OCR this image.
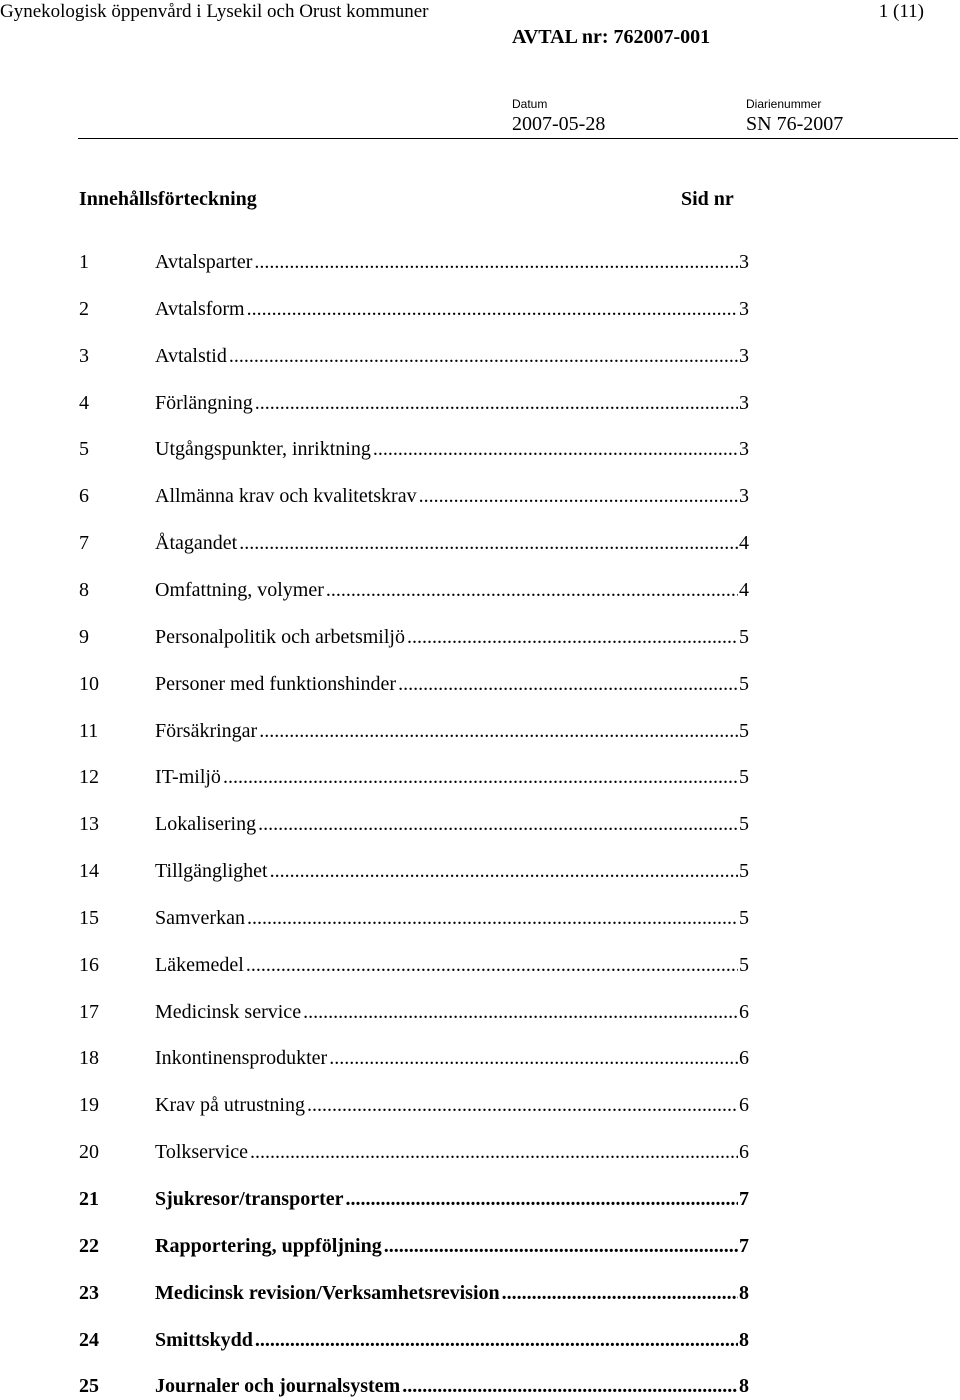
Gynekologisk öppenvård i Lysekil och Orust kommuner	1 (11)
AVTAL nr: 762007-001
Datum
2007-05-28
Diarienummer
SN 76-2007
Innehållsförteckning	Sid nr
1	Avtalsparter .....	3
2	Avtalsform .....	3
3	Avtalstid .....	3
4	Förlängning .....	3
5	Utgångspunkter, inriktning .....	3
6	Allmänna krav och kvalitetskrav .....	3
7	Åtagandet .....	4
8	Omfattning, volymer .....	4
9	Personalpolitik och arbetsmiljö .....	5
10	Personer med funktionshinder .....	5
11	Försäkringar .....	5
12	IT-miljö .....	5
13	Lokalisering .....	5
14	Tillgänglighet .....	5
15	Samverkan .....	5
16	Läkemedel .....	5
17	Medicinsk service .....	6
18	Inkontinensprodukter .....	6
19	Krav på utrustning .....	6
20	Tolkservice .....	6
21	Sjukresor/transporter .....	7
22	Rapportering, uppföljning .....	7
23	Medicinsk revision/Verksamhetsrevision .....	8
24	Smittskydd .....	8
25	Journaler och journalsystem .....	8
